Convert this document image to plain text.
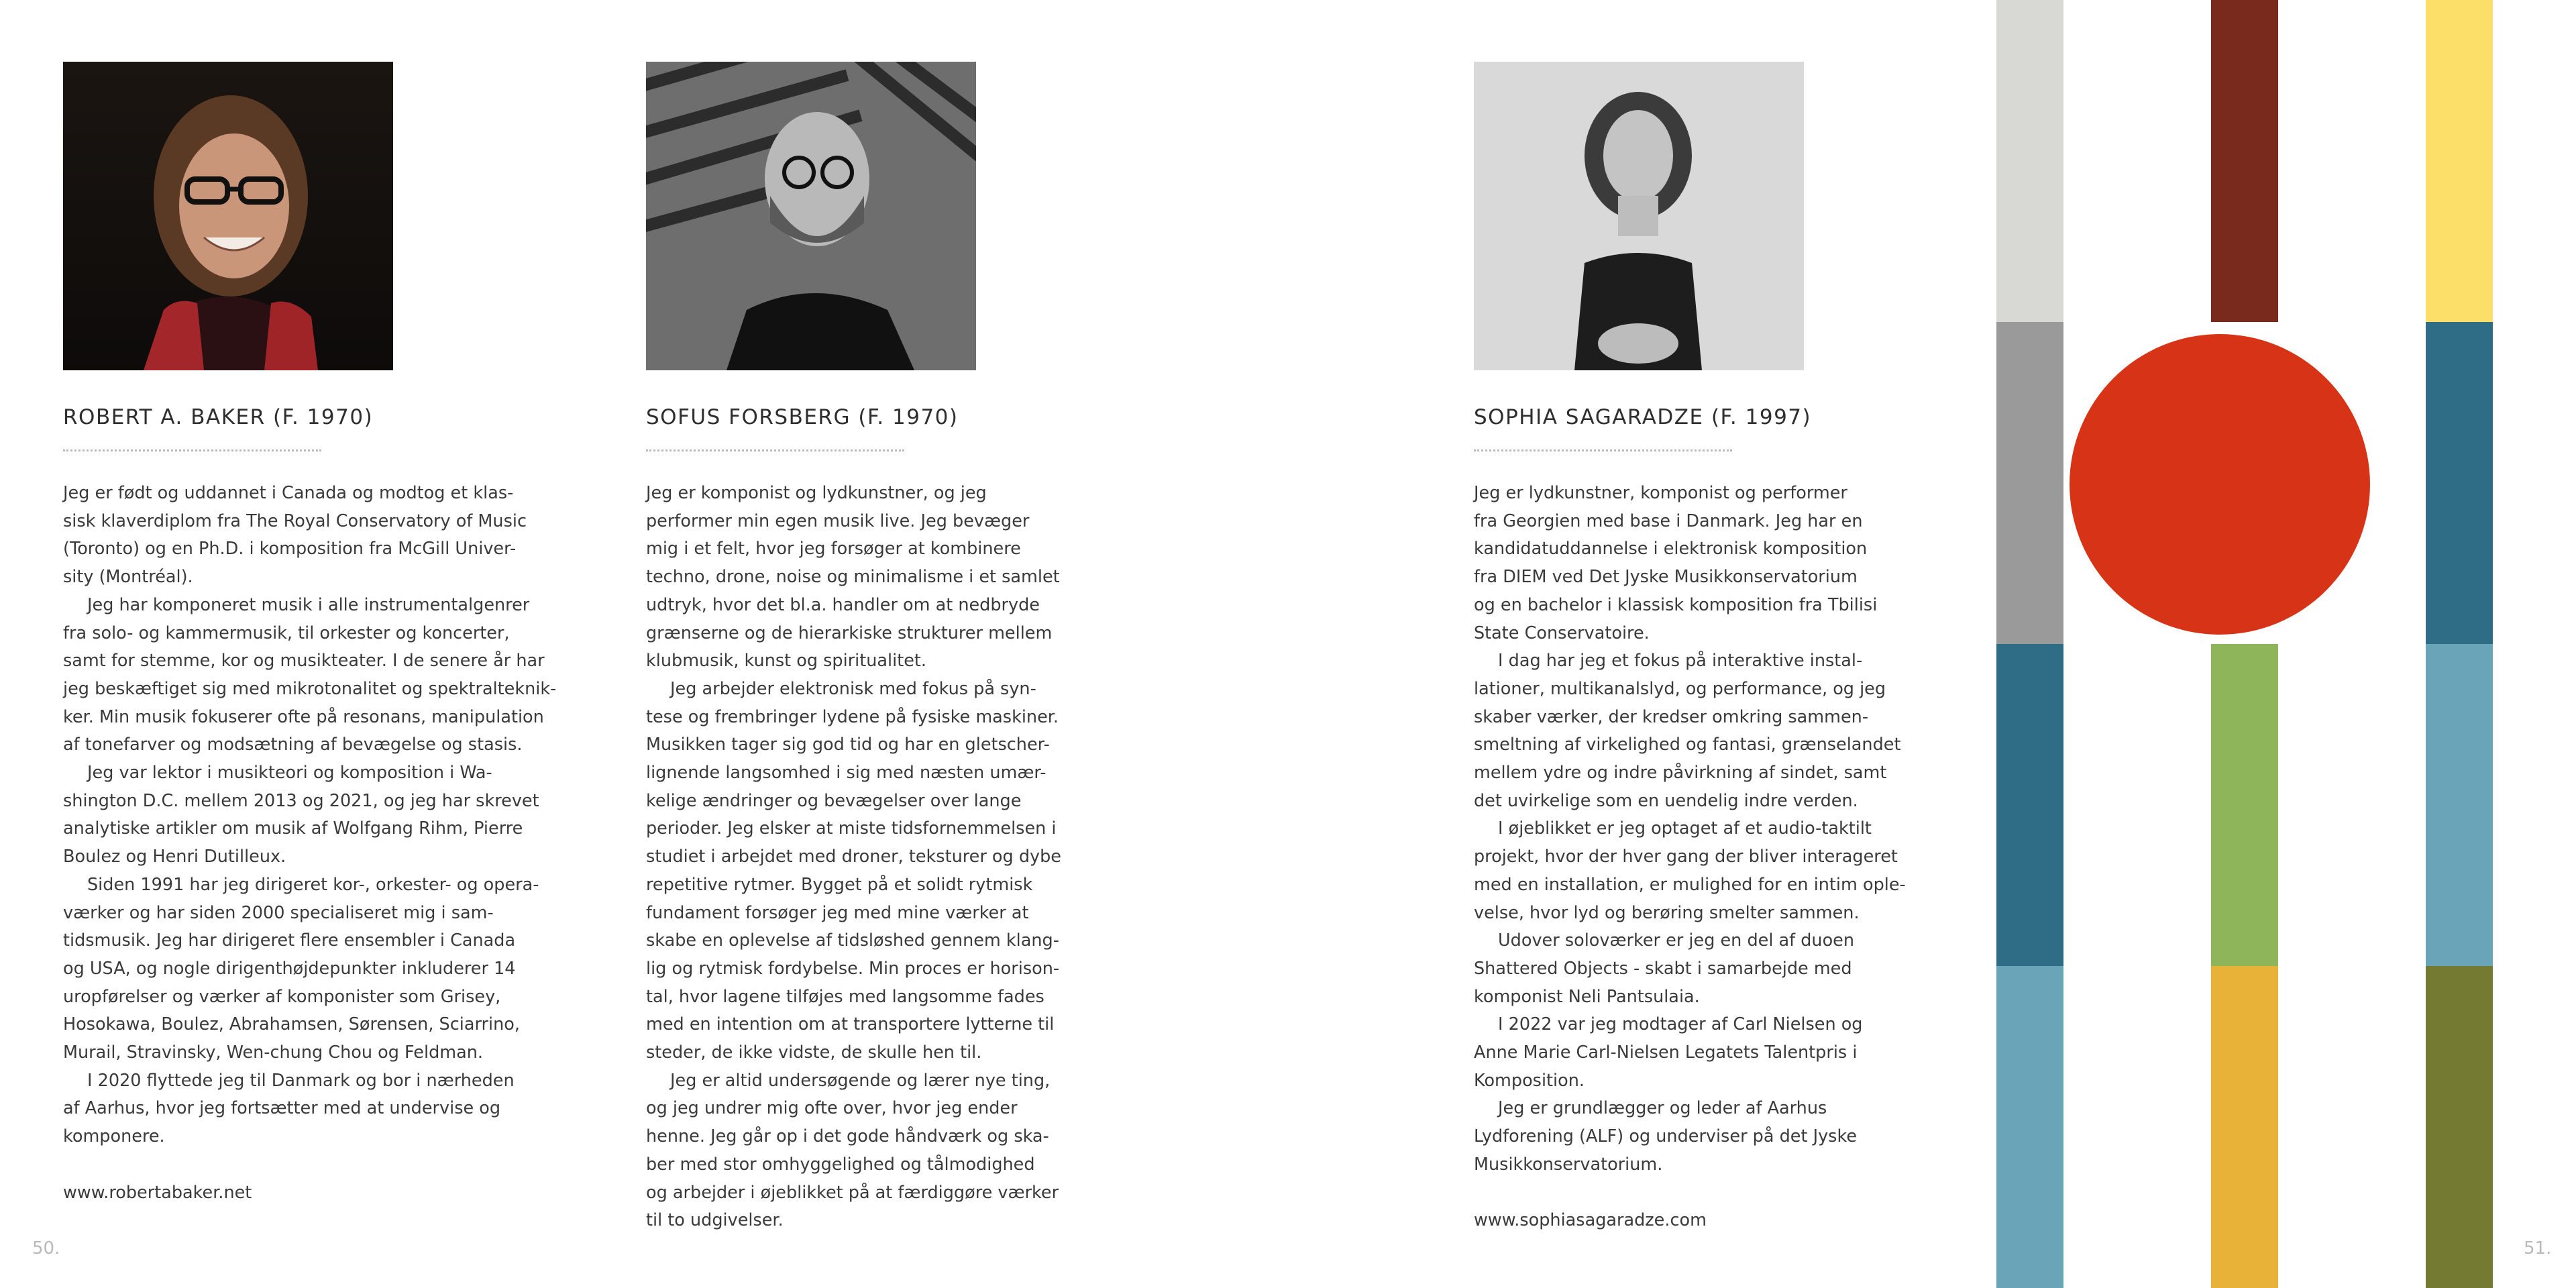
ROBERT A. BAKER (F. 1970)

Jeg er født og uddannet i Canada og modtog et klas-
sisk klaverdiplom fra The Royal Conservatory of Music
(Toronto) og en Ph.D. i komposition fra McGill Univer-
sity (Montréal).

Jeg har komponeret musik i alle instrumentalgenrer
fra solo- og kammermusik, til orkester og koncerter,
samt for stemme, kor og musikteater. I de senere år har
jeg beskæftiget sig med mikrotonalitet og spektralteknik-
ker. Min musik fokuserer ofte på resonans, manipulation
af tonefarver og modsætning af bevægelse og stasis.

Jeg var lektor i musikteori og komposition i Wa-
shington D.C. mellem 2013 og 2021, og jeg har skrevet
analytiske artikler om musik af Wolfgang Rihm, Pierre
Boulez og Henri Dutilleux.

Siden 1991 har jeg dirigeret kor-, orkester- og opera-
værker og har siden 2000 specialiseret mig i sam-
tidsmusik. Jeg har dirigeret flere ensembler i Canada
og USA, og nogle dirigenthøjdepunkter inkluderer 14
uropførelser og værker af komponister som Grisey,
Hosokawa, Boulez, Abrahamsen, Sørensen, Sciarrino,
Murail, Stravinsky, Wen-chung Chou og Feldman.

I 2020 flyttede jeg til Danmark og bor i nærheden
af Aarhus, hvor jeg fortsætter med at undervise og
komponere.

www.robertabaker.net
SOFUS FORSBERG (F. 1970)

Jeg er komponist og lydkunstner, og jeg
performer min egen musik live. Jeg bevæger
mig i et felt, hvor jeg forsøger at kombinere
techno, drone, noise og minimalisme i et samlet
udtryk, hvor det bl.a. handler om at nedbryde
grænserne og de hierarkiske strukturer mellem
klubmusik, kunst og spiritualitet.

Jeg arbejder elektronisk med fokus på syn-
tese og frembringer lydene på fysiske maskiner.
Musikken tager sig god tid og har en gletscher-
lignende langsomhed i sig med næsten umær-
kelige ændringer og bevægelser over lange
perioder. Jeg elsker at miste tidsfornemmelsen i
studiet i arbejdet med droner, teksturer og dybe
repetitive rytmer. Bygget på et solidt rytmisk
fundament forsøger jeg med mine værker at
skabe en oplevelse af tidsløshed gennem klang-
lig og rytmisk fordybelse. Min proces er horison-
tal, hvor lagene tilføjes med langsomme fades
med en intention om at transportere lytterne til
steder, de ikke vidste, de skulle hen til.

Jeg er altid undersøgende og lærer nye ting,
og jeg undrer mig ofte over, hvor jeg ender
henne. Jeg går op i det gode håndværk og ska-
ber med stor omhyggelighed og tålmodighed
og arbejder i øjeblikket på at færdiggøre værker
til to udgivelser.

SOPHIA SAGARADZE (F. 1997)

Jeg er lydkunstner, komponist og performer
fra Georgien med base i Danmark. Jeg har en
kandidatuddannelse i elektronisk komposition
fra DIEM ved Det Jyske Musikkonservatorium
og en bachelor i klassisk komposition fra Tbilisi
State Conservatoire.

I dag har jeg et fokus på interaktive instal-
lationer, multikanalslyd, og performance, og jeg
skaber værker, der kredser omkring sammen-
smeltning af virkelighed og fantasi, grænselandet
mellem ydre og indre påvirkning af sindet, samt
det uvirkelige som en uendelig indre verden.

I øjeblikket er jeg optaget af et audio-taktilt
projekt, hvor der hver gang der bliver interageret
med en installation, er mulighed for en intim ople-
velse, hvor lyd og berøring smelter sammen.

Udover soloværker er jeg en del af duoen
Shattered Objects - skabt i samarbejde med
komponist Neli Pantsulaia.

I 2022 var jeg modtager af Carl Nielsen og
Anne Marie Carl-Nielsen Legatets Talentpris i
Komposition.

Jeg er grundlægger og leder af Aarhus
Lydforening (ALF) og underviser på det Jyske
Musikkonservatorium.

www.sophiasagaradze.com
50.	51.
